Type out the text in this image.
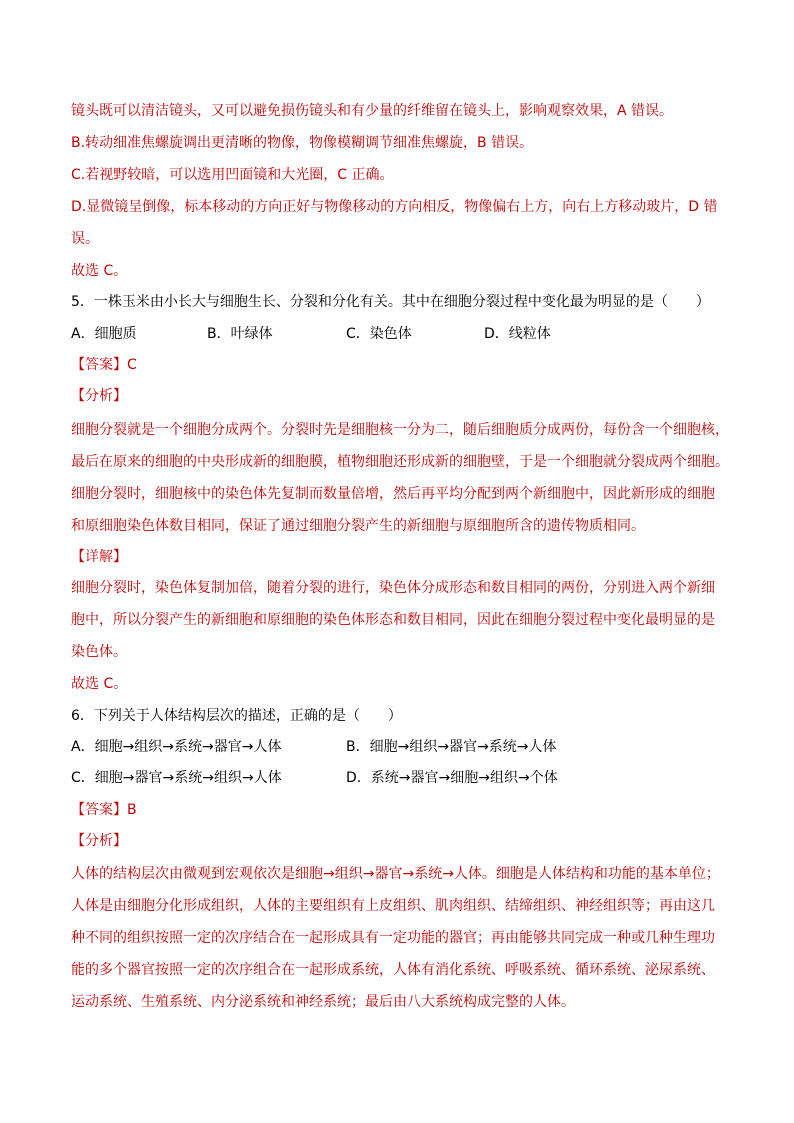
镜头既可以清洁镜头，又可以避免损伤镜头和有少量的纤维留在镜头上，影响观察效果，A 错误。
B.转动细准焦螺旋调出更清晰的物像，物像模糊调节细准焦螺旋，B 错误。
C.若视野较暗，可以选用凹面镜和大光圈，C 正确。
D.显微镜呈倒像，标本移动的方向正好与物像移动的方向相反，物像偏右上方，向右上方移动玻片，D 错
误。
故选 C。
5．一株玉米由小长大与细胞生长、分裂和分化有关。其中在细胞分裂过程中变化最为明显的是（　　）
A．细胞质	B．叶绿体	C．染色体	D．线粒体
【答案】C
【分析】
细胞分裂就是一个细胞分成两个。分裂时先是细胞核一分为二，随后细胞质分成两份，每份含一个细胞核，
最后在原来的细胞的中央形成新的细胞膜，植物细胞还形成新的细胞壁，于是一个细胞就分裂成两个细胞。
细胞分裂时，细胞核中的染色体先复制而数量倍增，然后再平均分配到两个新细胞中，因此新形成的细胞
和原细胞染色体数目相同，保证了通过细胞分裂产生的新细胞与原细胞所含的遗传物质相同。
【详解】
细胞分裂时，染色体复制加倍，随着分裂的进行，染色体分成形态和数目相同的两份，分别进入两个新细
胞中，所以分裂产生的新细胞和原细胞的染色体形态和数目相同，因此在细胞分裂过程中变化最明显的是
染色体。
故选 C。
6．下列关于人体结构层次的描述，正确的是（　　）
A．细胞→组织→系统→器官→人体	B．细胞→组织→器官→系统→人体
C．细胞→器官→系统→组织→人体	D．系统→器官→细胞→组织→个体
【答案】B
【分析】
人体的结构层次由微观到宏观依次是细胞→组织→器官→系统→人体。细胞是人体结构和功能的基本单位；
人体是由细胞分化形成组织，人体的主要组织有上皮组织、肌肉组织、结缔组织、神经组织等；再由这几
种不同的组织按照一定的次序结合在一起形成具有一定功能的器官；再由能够共同完成一种或几种生理功
能的多个器官按照一定的次序组合在一起形成系统，人体有消化系统、呼吸系统、循环系统、泌尿系统、
运动系统、生殖系统、内分泌系统和神经系统；最后由八大系统构成完整的人体。
